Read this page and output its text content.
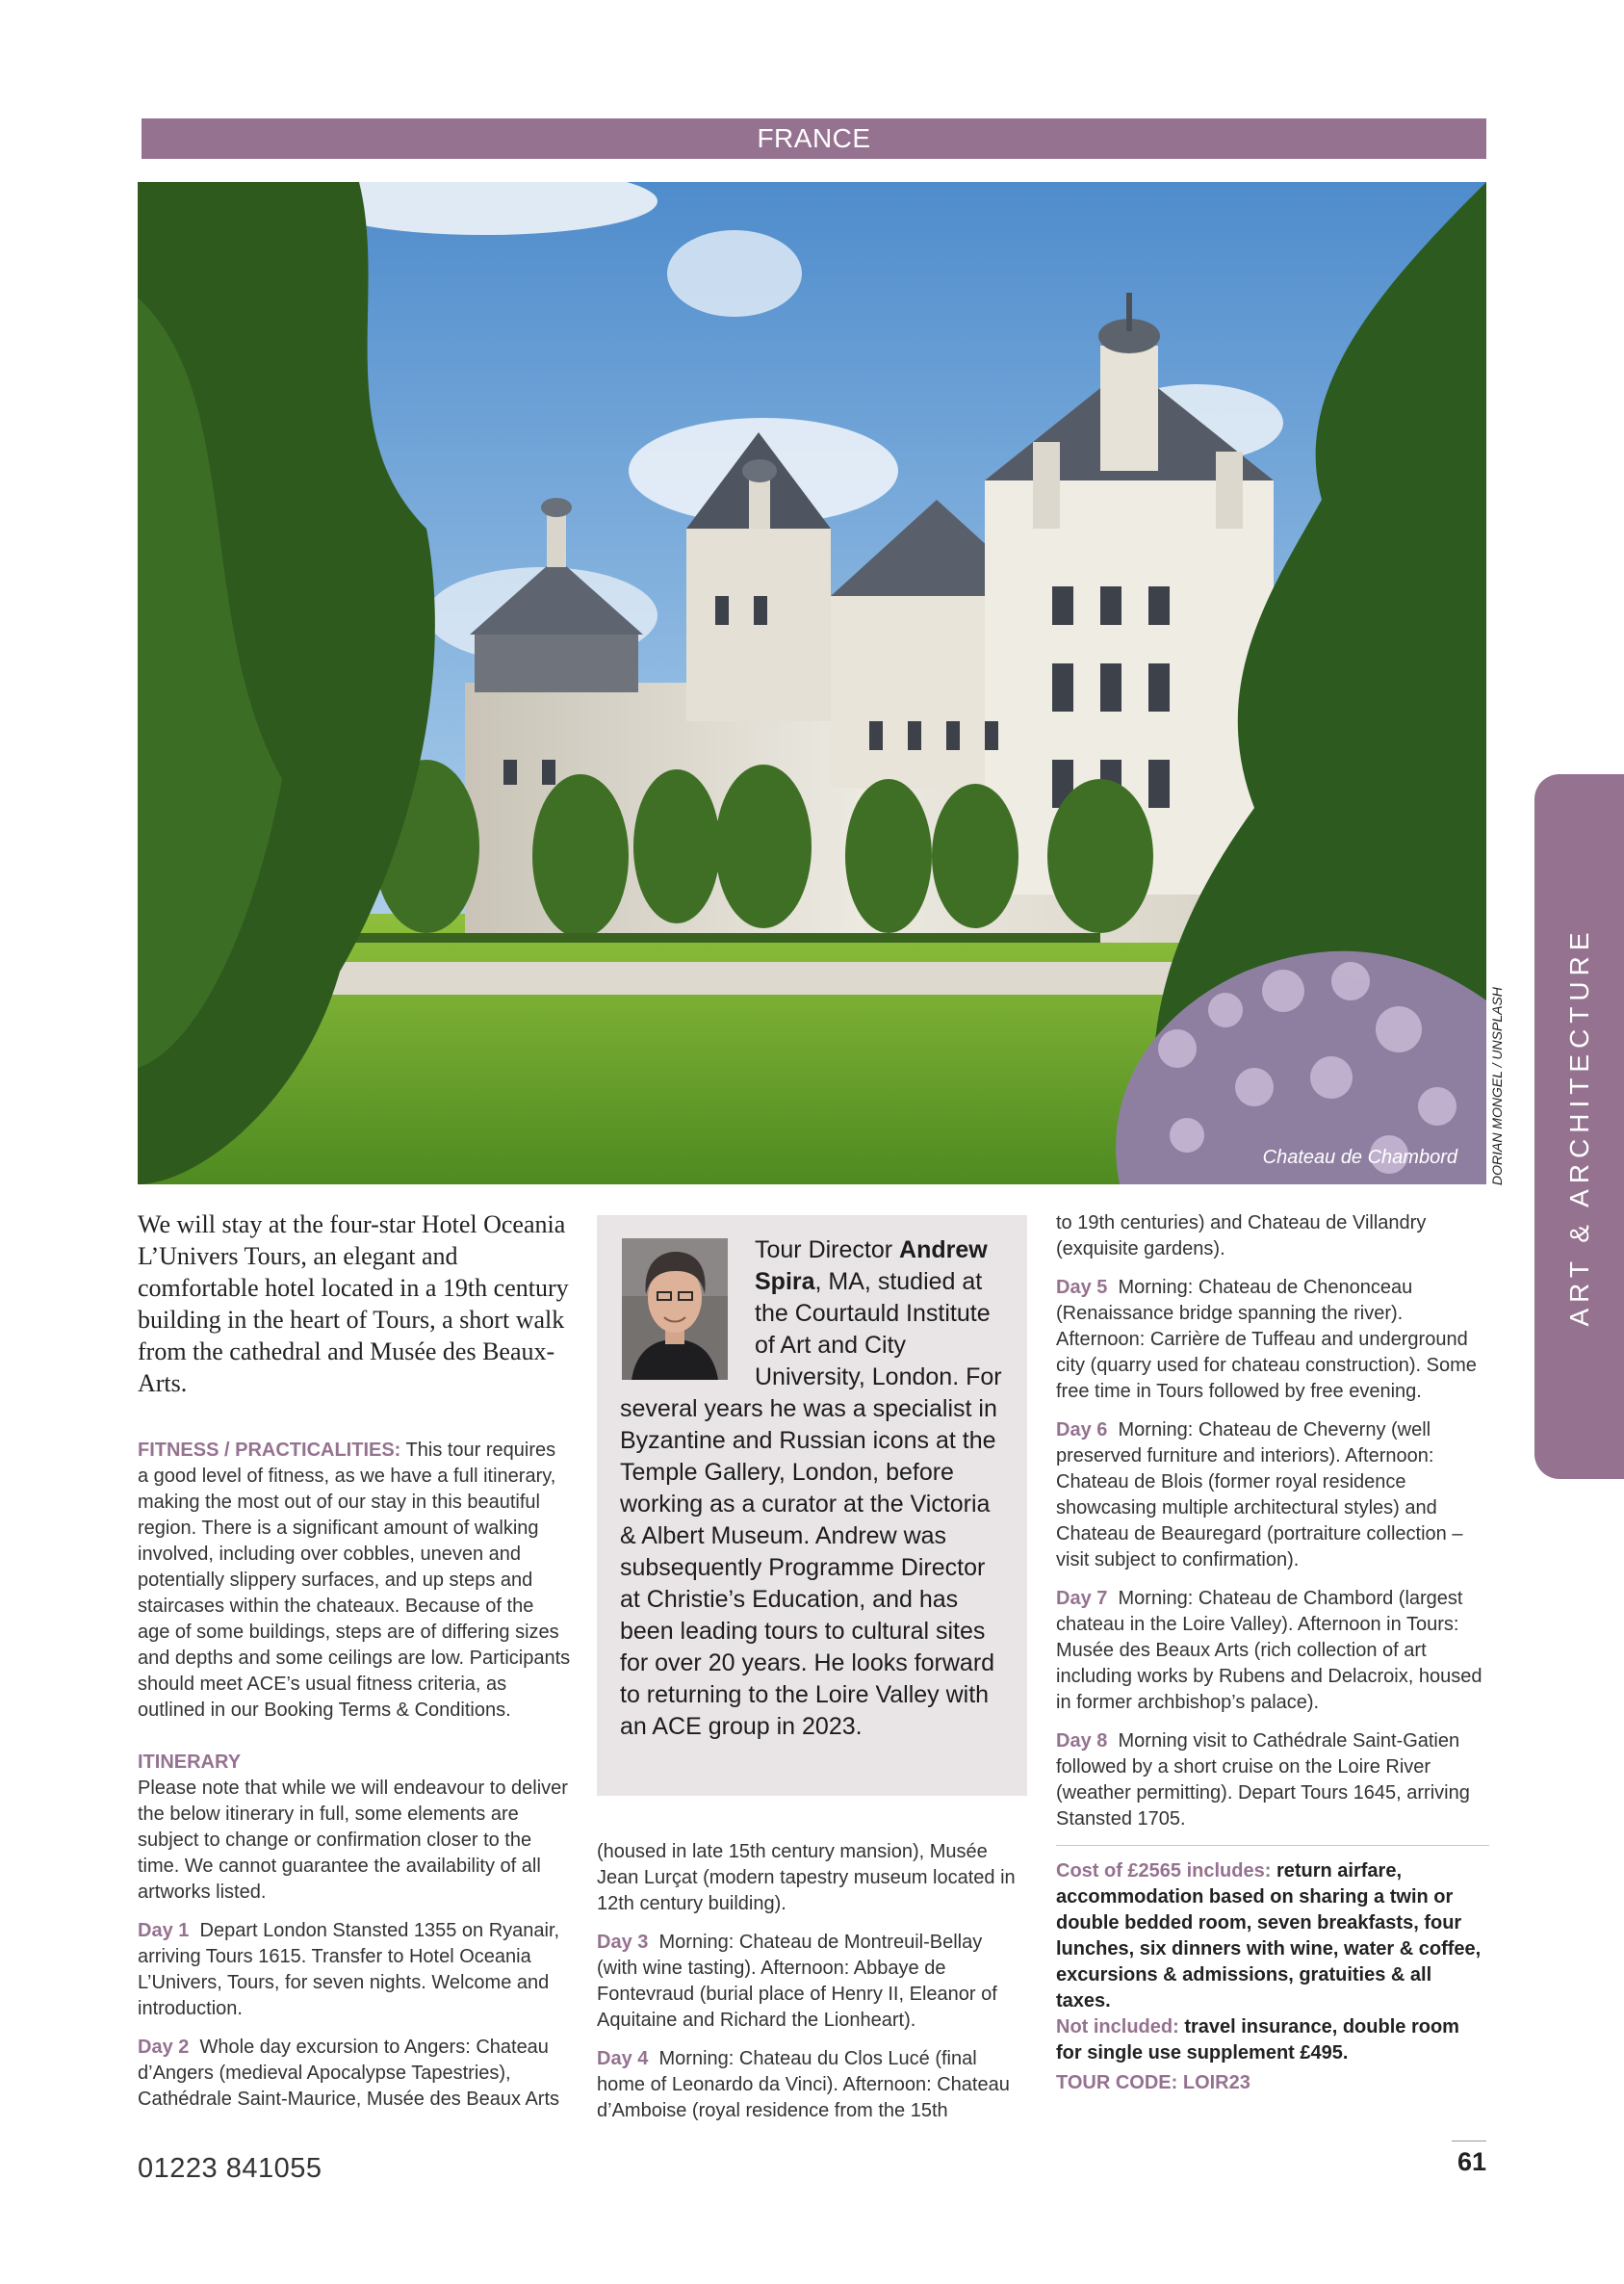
FRANCE
ART & ARCHITECTURE
Chateau de Chambord DORIAN MONGEL / UNSPLASH

We will stay at the four-star Hotel Oceania L’Univers Tours, an elegant and comfortable hotel located in a 19th century building in the heart of Tours, a short walk from the cathedral and Musée des Beaux-Arts.

FITNESS / PRACTICALITIES: This tour requires a good level of fitness, as we have a full itinerary, making the most out of our stay in this beautiful region. There is a significant amount of walking involved, including over cobbles, uneven and potentially slippery surfaces, and up steps and staircases within the chateaux. Because of the age of some buildings, steps are of differing sizes and depths and some ceilings are low. Participants should meet ACE’s usual fitness criteria, as outlined in our Booking Terms & Conditions.

ITINERARY

Please note that while we will endeavour to deliver the below itinerary in full, some elements are subject to change or confirmation closer to the time. We cannot guarantee the availability of all artworks listed.

Day 1 Depart London Stansted 1355 on Ryanair, arriving Tours 1615. Transfer to Hotel Oceania L’Univers, Tours, for seven nights. Welcome and introduction.

Day 2 Whole day excursion to Angers: Chateau d’Angers (medieval Apocalypse Tapestries), Cathédrale Saint-Maurice, Musée des Beaux Arts

Tour Director Andrew Spira, MA, studied at the Courtauld Institute of Art and City University, London. For several years he was a specialist in Byzantine and Russian icons at the Temple Gallery, London, before working as a curator at the Victoria & Albert Museum. Andrew was subsequently Programme Director at Christie’s Education, and has been leading tours to cultural sites for over 20 years. He looks forward to returning to the Loire Valley with an ACE group in 2023.

(housed in late 15th century mansion), Musée Jean Lurçat (modern tapestry museum located in 12th century building).

Day 3 Morning: Chateau de Montreuil-Bellay (with wine tasting). Afternoon: Abbaye de Fontevraud (burial place of Henry II, Eleanor of Aquitaine and Richard the Lionheart).

Day 4 Morning: Chateau du Clos Lucé (final home of Leonardo da Vinci). Afternoon: Chateau d’Amboise (royal residence from the 15th

to 19th centuries) and Chateau de Villandry (exquisite gardens).

Day 5 Morning: Chateau de Chenonceau (Renaissance bridge spanning the river). Afternoon: Carrière de Tuffeau and underground city (quarry used for chateau construction). Some free time in Tours followed by free evening.

Day 6 Morning: Chateau de Cheverny (well preserved furniture and interiors). Afternoon: Chateau de Blois (former royal residence showcasing multiple architectural styles) and Chateau de Beauregard (portraiture collection – visit subject to confirmation).

Day 7 Morning: Chateau de Chambord (largest chateau in the Loire Valley). Afternoon in Tours: Musée des Beaux Arts (rich collection of art including works by Rubens and Delacroix, housed in former archbishop’s palace).

Day 8 Morning visit to Cathédrale Saint-Gatien followed by a short cruise on the Loire River (weather permitting). Depart Tours 1645, arriving Stansted 1705.

Cost of £2565 includes: return airfare, accommodation based on sharing a twin or double bedded room, seven breakfasts, four lunches, six dinners with wine, water & coffee, excursions & admissions, gratuities & all taxes.

Not included: travel insurance, double room for single use supplement £495.

TOUR CODE: LOIR23
01223 841055	61
